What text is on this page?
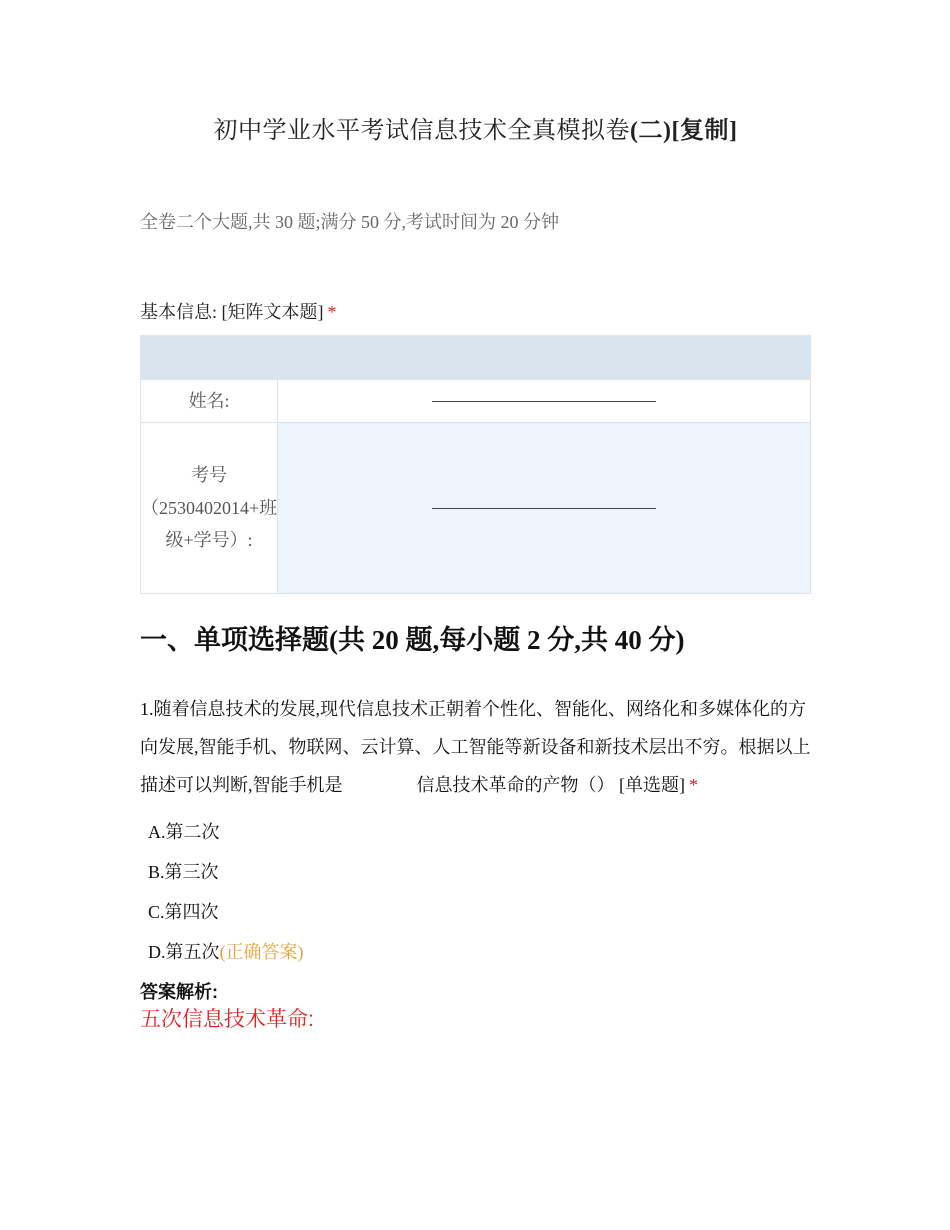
初中学业水平考试信息技术全真模拟卷(二)[复制]
全卷二个大题,共 30 题;满分 50 分,考试时间为 20 分钟
基本信息: [矩阵文本题] *

姓名:	

考号（2530402014+班级+学号）:	
一、单项选择题(共 20 题,每小题 2 分,共 40 分)
1.随着信息技术的发展,现代信息技术正朝着个性化、智能化、网络化和多媒体化的方向发展,智能手机、物联网、云计算、人工智能等新设备和新技术层出不穷。根据以上描述可以判断,智能手机是	信息技术革命的产物（） [单选题] *
A.第二次
B.第三次
C.第四次
D.第五次(正确答案)
答案解析:
五次信息技术革命:
